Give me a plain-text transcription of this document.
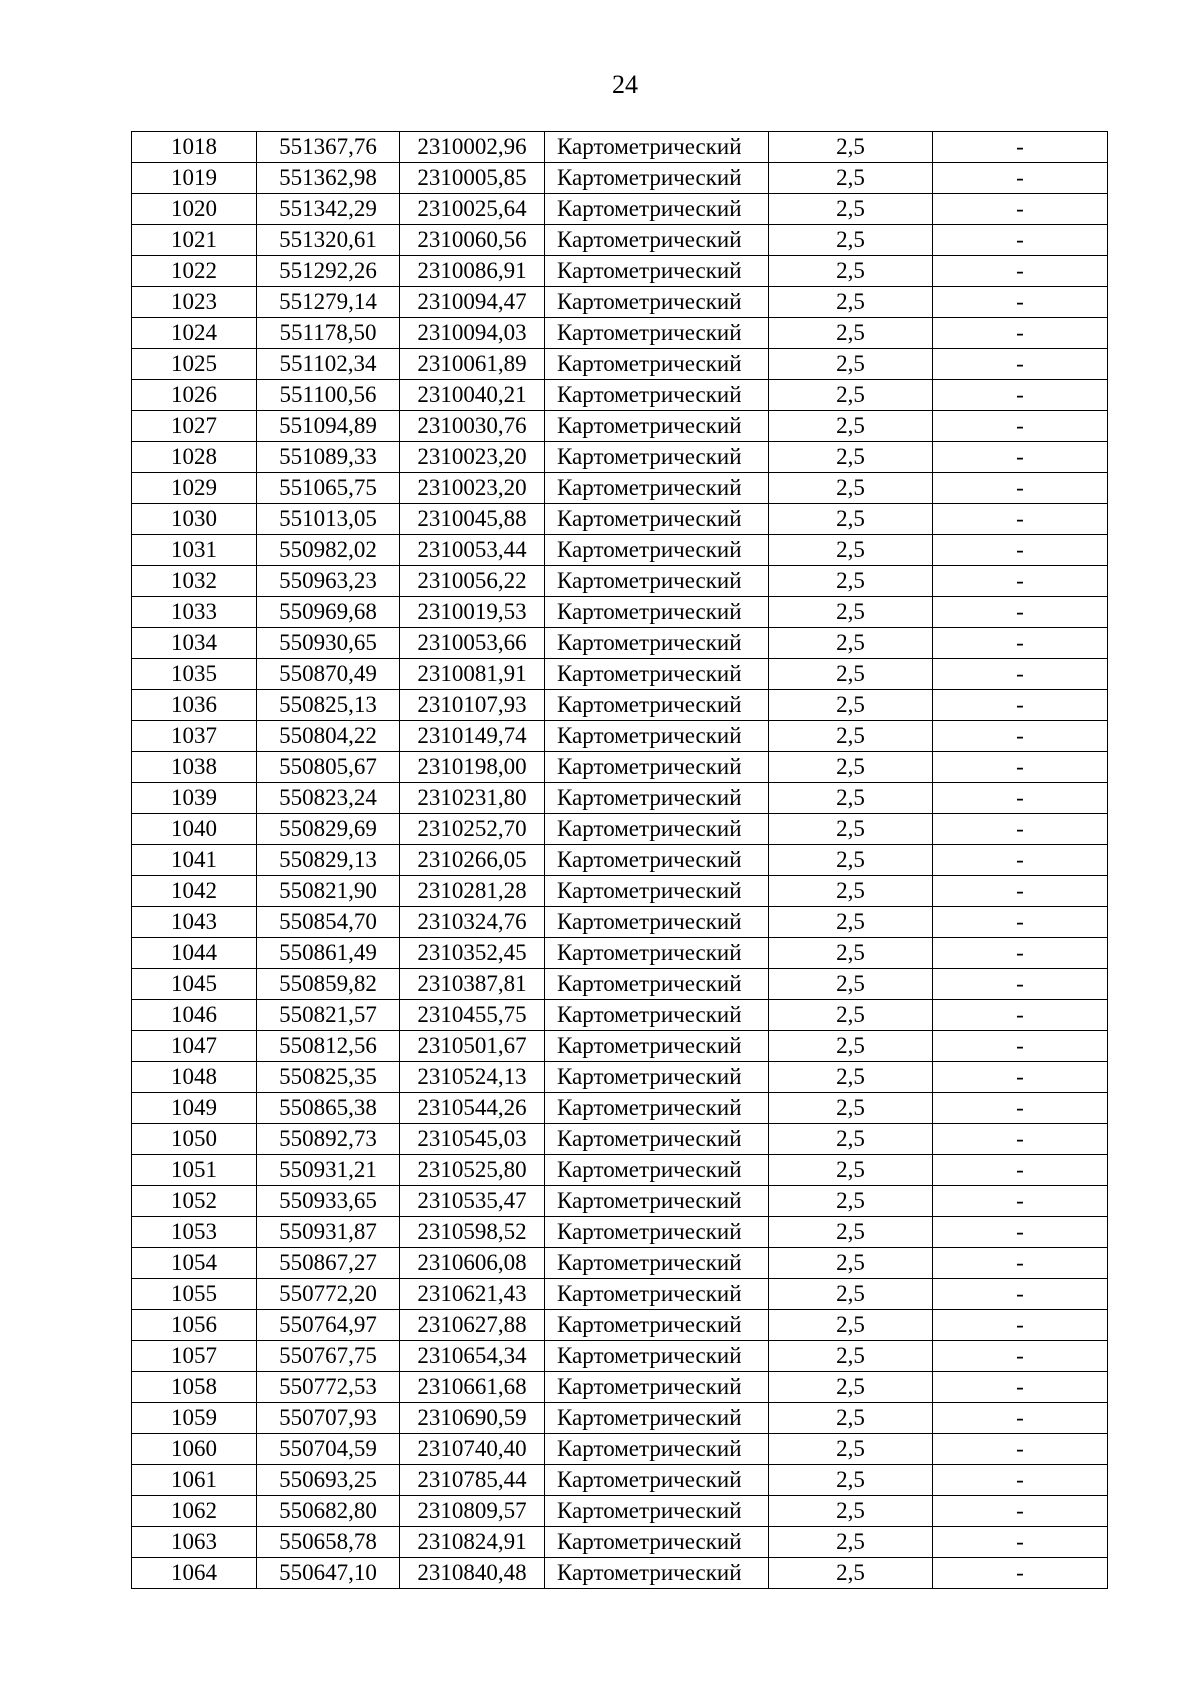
24
1018	551367,76	2310002,96	Картометрический	2,5	-
1019	551362,98	2310005,85	Картометрический	2,5	-
1020	551342,29	2310025,64	Картометрический	2,5	-
1021	551320,61	2310060,56	Картометрический	2,5	-
1022	551292,26	2310086,91	Картометрический	2,5	-
1023	551279,14	2310094,47	Картометрический	2,5	-
1024	551178,50	2310094,03	Картометрический	2,5	-
1025	551102,34	2310061,89	Картометрический	2,5	-
1026	551100,56	2310040,21	Картометрический	2,5	-
1027	551094,89	2310030,76	Картометрический	2,5	-
1028	551089,33	2310023,20	Картометрический	2,5	-
1029	551065,75	2310023,20	Картометрический	2,5	-
1030	551013,05	2310045,88	Картометрический	2,5	-
1031	550982,02	2310053,44	Картометрический	2,5	-
1032	550963,23	2310056,22	Картометрический	2,5	-
1033	550969,68	2310019,53	Картометрический	2,5	-
1034	550930,65	2310053,66	Картометрический	2,5	-
1035	550870,49	2310081,91	Картометрический	2,5	-
1036	550825,13	2310107,93	Картометрический	2,5	-
1037	550804,22	2310149,74	Картометрический	2,5	-
1038	550805,67	2310198,00	Картометрический	2,5	-
1039	550823,24	2310231,80	Картометрический	2,5	-
1040	550829,69	2310252,70	Картометрический	2,5	-
1041	550829,13	2310266,05	Картометрический	2,5	-
1042	550821,90	2310281,28	Картометрический	2,5	-
1043	550854,70	2310324,76	Картометрический	2,5	-
1044	550861,49	2310352,45	Картометрический	2,5	-
1045	550859,82	2310387,81	Картометрический	2,5	-
1046	550821,57	2310455,75	Картометрический	2,5	-
1047	550812,56	2310501,67	Картометрический	2,5	-
1048	550825,35	2310524,13	Картометрический	2,5	-
1049	550865,38	2310544,26	Картометрический	2,5	-
1050	550892,73	2310545,03	Картометрический	2,5	-
1051	550931,21	2310525,80	Картометрический	2,5	-
1052	550933,65	2310535,47	Картометрический	2,5	-
1053	550931,87	2310598,52	Картометрический	2,5	-
1054	550867,27	2310606,08	Картометрический	2,5	-
1055	550772,20	2310621,43	Картометрический	2,5	-
1056	550764,97	2310627,88	Картометрический	2,5	-
1057	550767,75	2310654,34	Картометрический	2,5	-
1058	550772,53	2310661,68	Картометрический	2,5	-
1059	550707,93	2310690,59	Картометрический	2,5	-
1060	550704,59	2310740,40	Картометрический	2,5	-
1061	550693,25	2310785,44	Картометрический	2,5	-
1062	550682,80	2310809,57	Картометрический	2,5	-
1063	550658,78	2310824,91	Картометрический	2,5	-
1064	550647,10	2310840,48	Картометрический	2,5	-
